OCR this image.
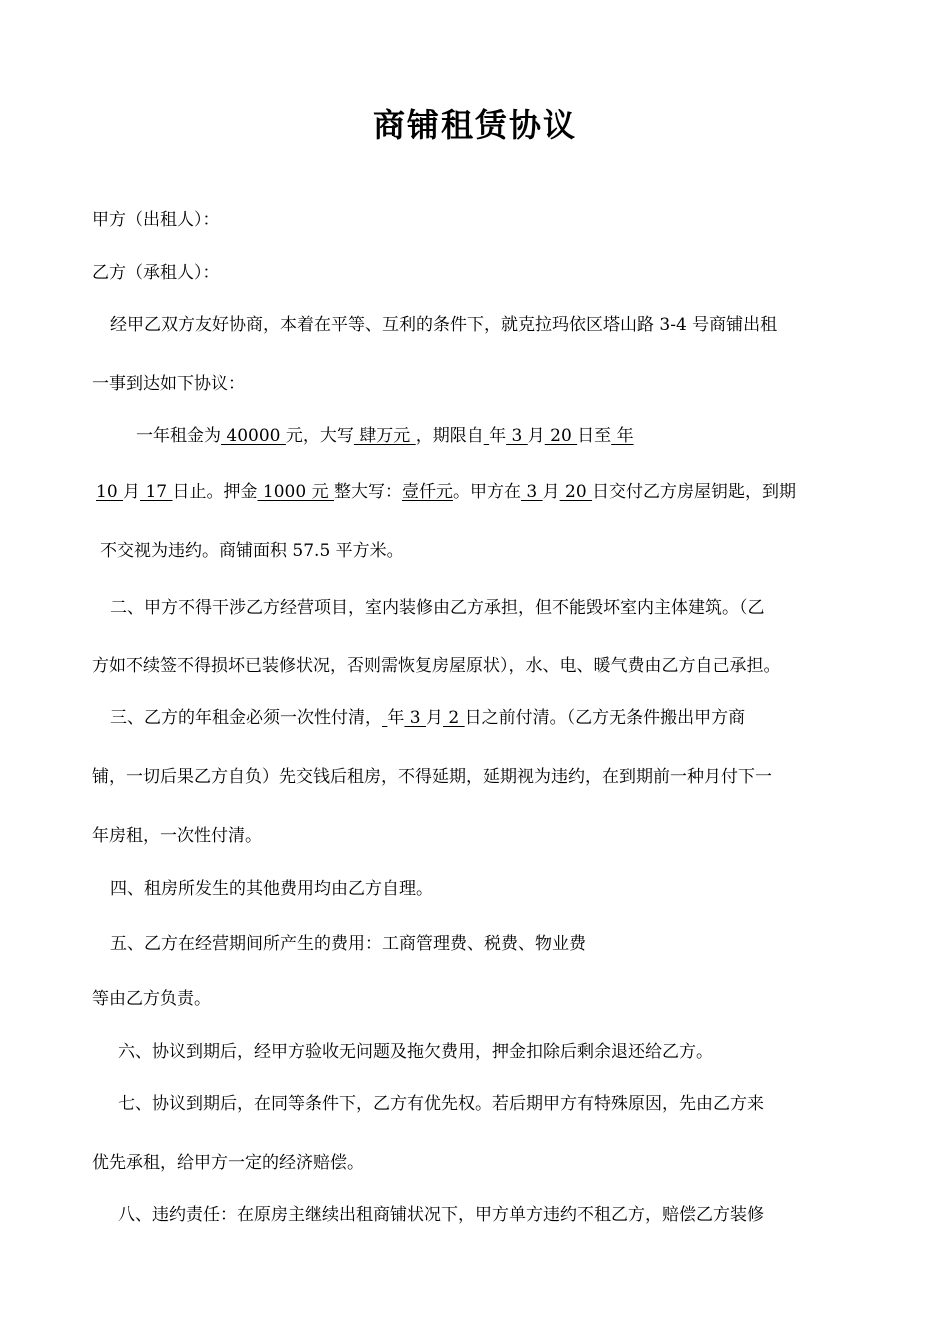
商铺租赁协议
甲方（出租人）：
乙方（承租人）：
经甲乙双方友好协商，本着在平等、互利的条件下，就克拉玛依区塔山路 3-4 号商铺出租
一事到达如下协议：
一年租金为 40000 元，大写 肆万元 ，期限自 年 3 月 20 日至 年
10 月 17 日止。押金 1000 元 整大写：壹仟元。甲方在 3 月 20 日交付乙方房屋钥匙，到期
不交视为违约。商铺面积 57.5 平方米。
二、甲方不得干涉乙方经营项目，室内装修由乙方承担，但不能毁坏室内主体建筑。（乙
方如不续签不得损坏已装修状况，否则需恢复房屋原状），水、电、暖气费由乙方自己承担。
三、乙方的年租金必须一次性付清， 年 3 月 2 日之前付清。（乙方无条件搬出甲方商
铺，一切后果乙方自负）先交钱后租房，不得延期，延期视为违约，在到期前一种月付下一
年房租，一次性付清。
四、租房所发生的其他费用均由乙方自理。
五、乙方在经营期间所产生的费用：工商管理费、税费、物业费
等由乙方负责。
六、协议到期后，经甲方验收无问题及拖欠费用，押金扣除后剩余退还给乙方。
七、协议到期后，在同等条件下，乙方有优先权。若后期甲方有特殊原因，先由乙方来
优先承租，给甲方一定的经济赔偿。
八、违约责任：在原房主继续出租商铺状况下，甲方单方违约不租乙方，赔偿乙方装修
